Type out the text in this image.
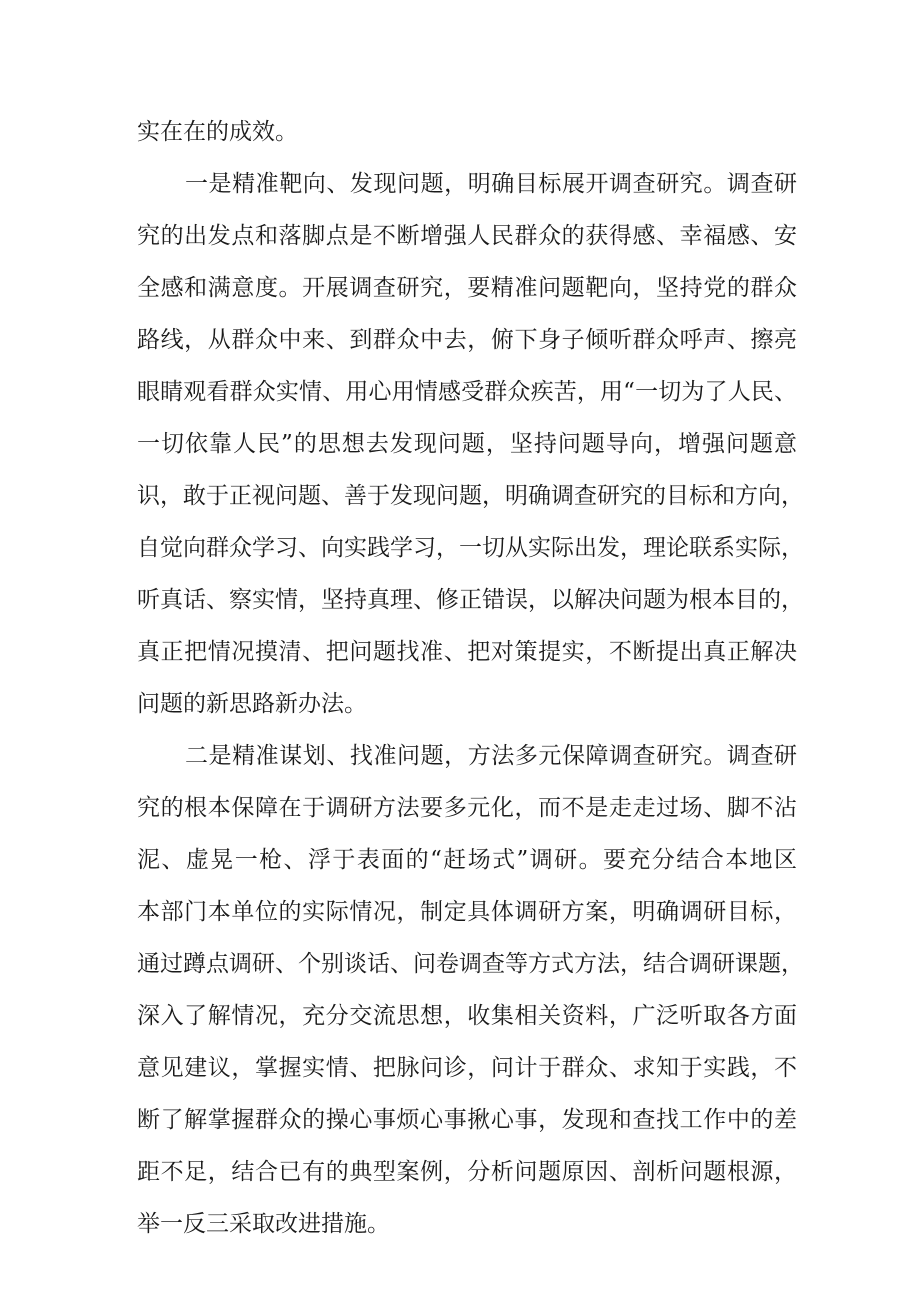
实在在的成效。
一是精准靶向、发现问题，明确目标展开调查研究。调查研
究的出发点和落脚点是不断增强人民群众的获得感、幸福感、安
全感和满意度。开展调查研究，要精准问题靶向，坚持党的群众
路线，从群众中来、到群众中去，俯下身子倾听群众呼声、擦亮
眼睛观看群众实情、用心用情感受群众疾苦，用“一切为了人民、
一切依靠人民”的思想去发现问题，坚持问题导向，增强问题意
识，敢于正视问题、善于发现问题，明确调查研究的目标和方向，
自觉向群众学习、向实践学习，一切从实际出发，理论联系实际，
听真话、察实情，坚持真理、修正错误，以解决问题为根本目的，
真正把情况摸清、把问题找准、把对策提实，不断提出真正解决
问题的新思路新办法。
二是精准谋划、找准问题，方法多元保障调查研究。调查研
究的根本保障在于调研方法要多元化，而不是走走过场、脚不沾
泥、虚晃一枪、浮于表面的“赶场式”调研。要充分结合本地区
本部门本单位的实际情况，制定具体调研方案，明确调研目标，
通过蹲点调研、个别谈话、问卷调查等方式方法，结合调研课题，
深入了解情况，充分交流思想，收集相关资料，广泛听取各方面
意见建议，掌握实情、把脉问诊，问计于群众、求知于实践，不
断了解掌握群众的操心事烦心事揪心事，发现和查找工作中的差
距不足，结合已有的典型案例，分析问题原因、剖析问题根源，
举一反三采取改进措施。
